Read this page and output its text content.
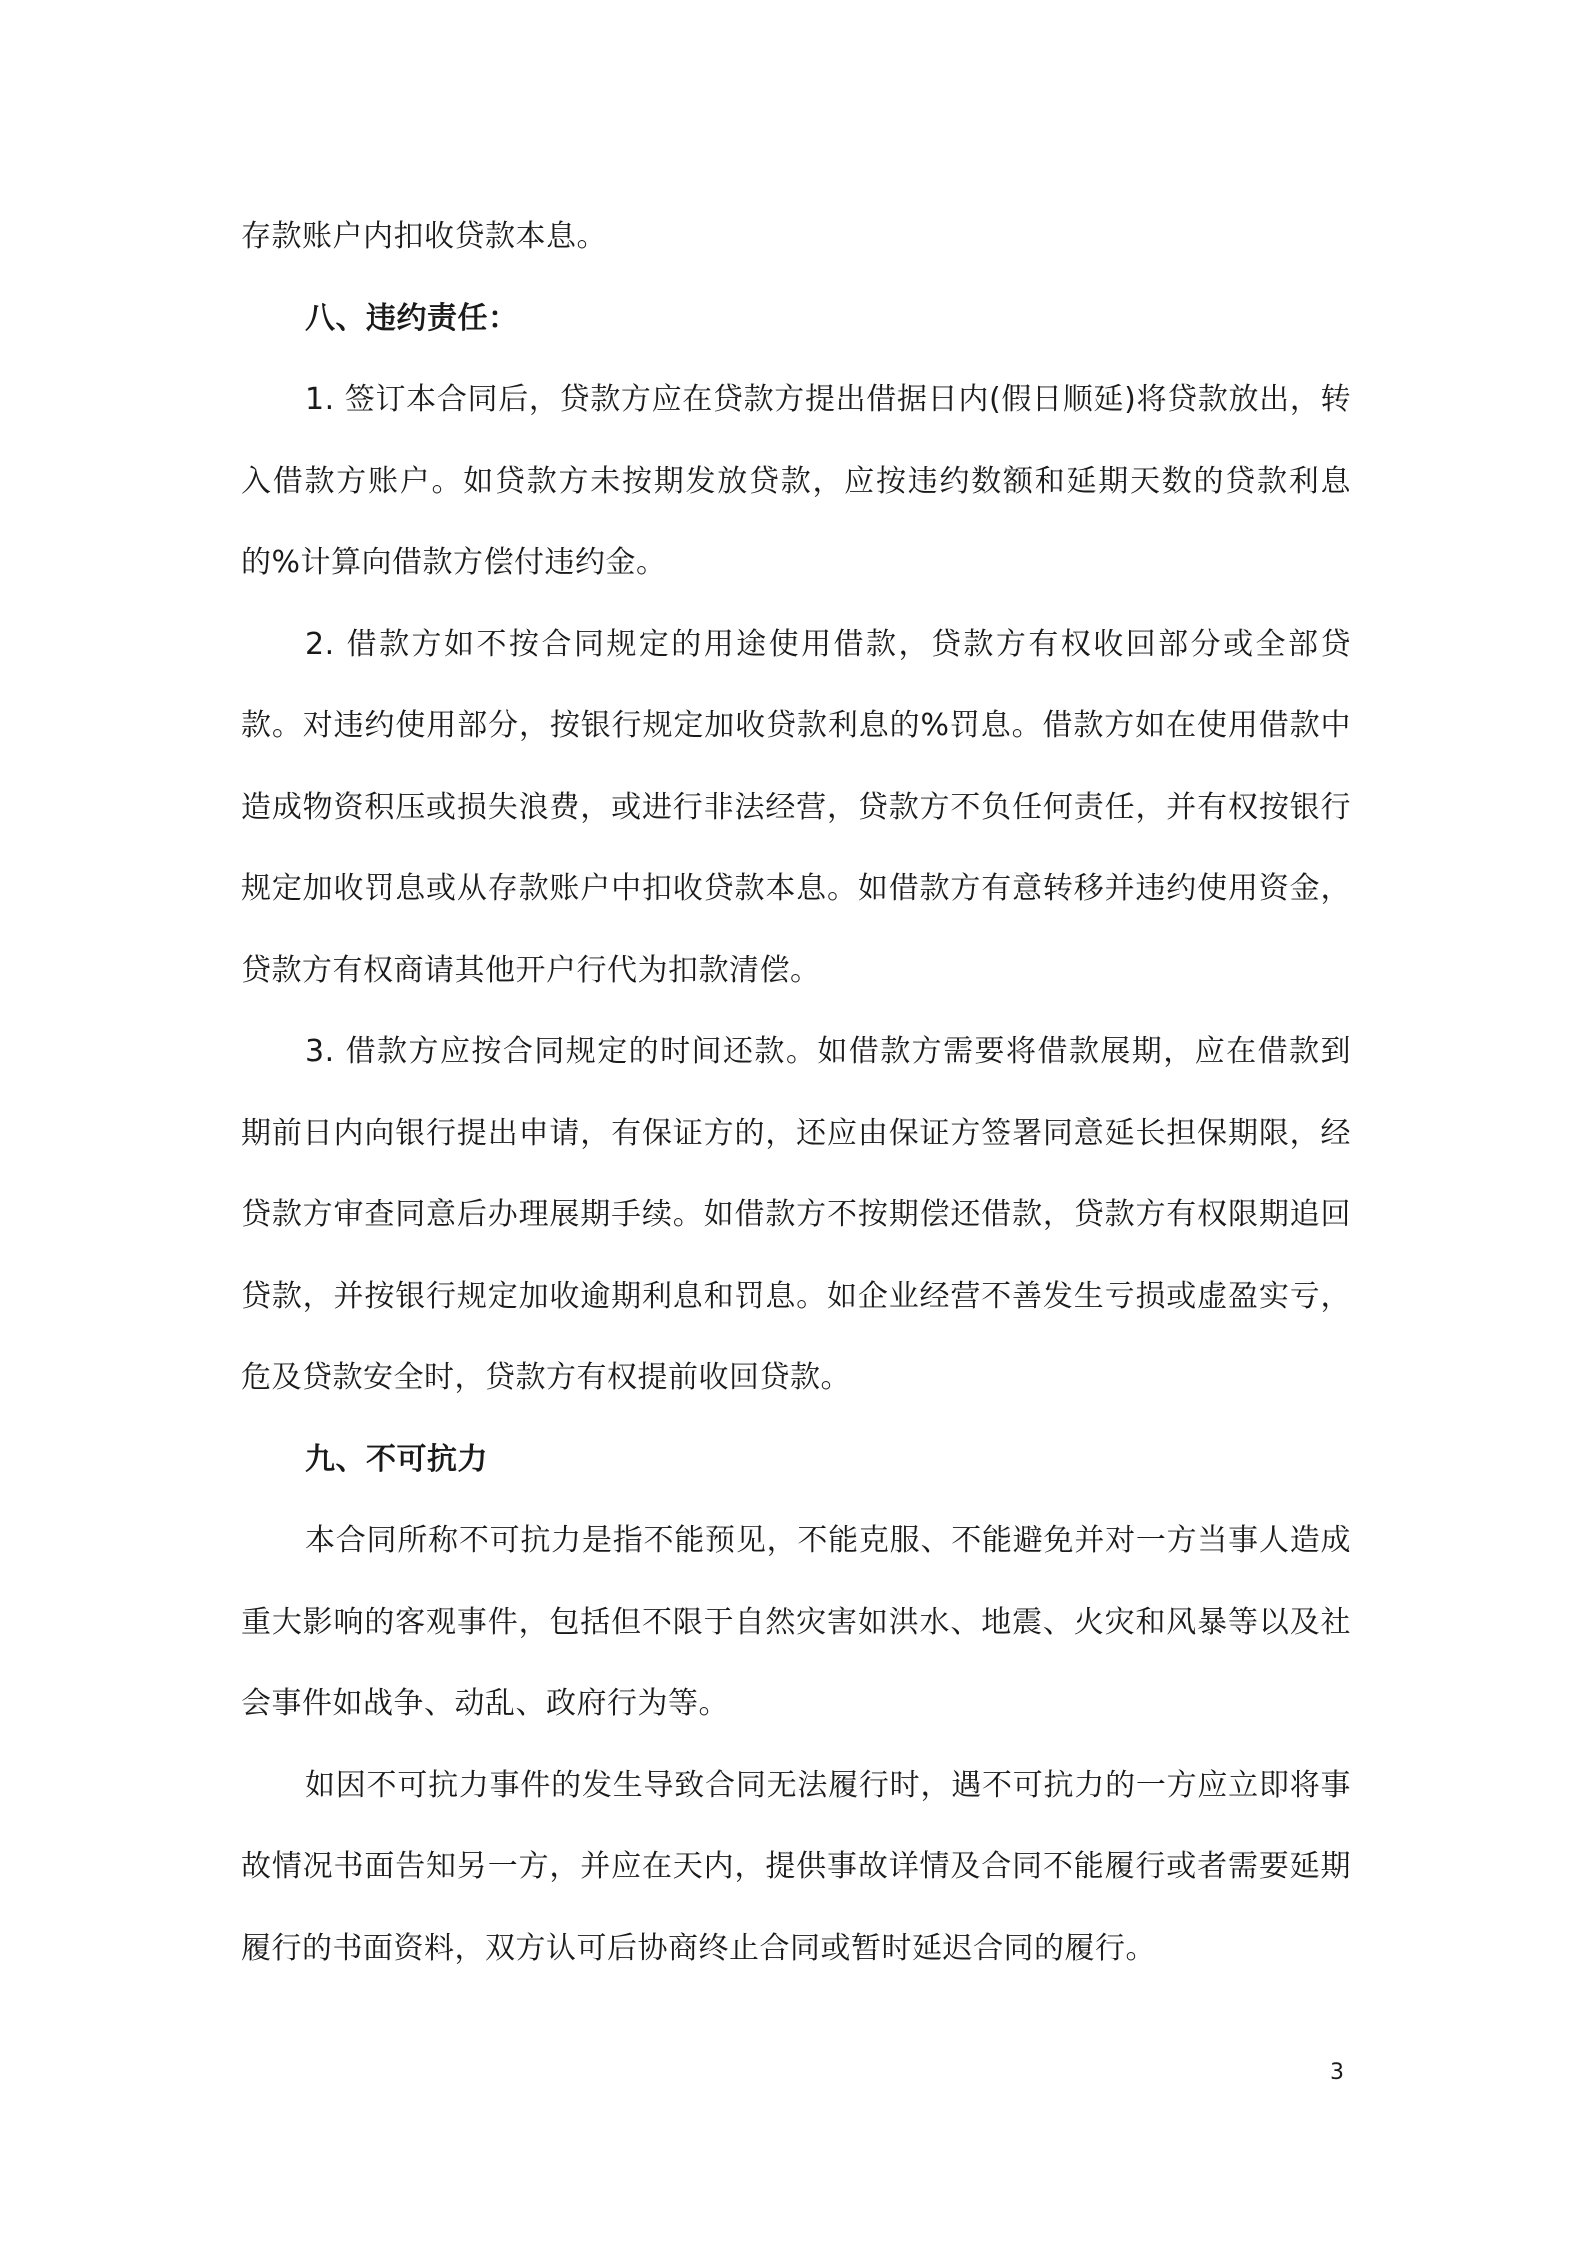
存款账户内扣收贷款本息。

八、违约责任：

1. 签订本合同后，贷款方应在贷款方提出借据日内(假日顺延)将贷款放出，转入借款方账户。如贷款方未按期发放贷款，应按违约数额和延期天数的贷款利息的%计算向借款方偿付违约金。

2. 借款方如不按合同规定的用途使用借款，贷款方有权收回部分或全部贷款。对违约使用部分，按银行规定加收贷款利息的%罚息。借款方如在使用借款中造成物资积压或损失浪费，或进行非法经营，贷款方不负任何责任，并有权按银行规定加收罚息或从存款账户中扣收贷款本息。如借款方有意转移并违约使用资金，贷款方有权商请其他开户行代为扣款清偿。

3. 借款方应按合同规定的时间还款。如借款方需要将借款展期，应在借款到期前日内向银行提出申请，有保证方的，还应由保证方签署同意延长担保期限，经贷款方审查同意后办理展期手续。如借款方不按期偿还借款，贷款方有权限期追回贷款，并按银行规定加收逾期利息和罚息。如企业经营不善发生亏损或虚盈实亏，危及贷款安全时，贷款方有权提前收回贷款。

九、不可抗力

本合同所称不可抗力是指不能预见，不能克服、不能避免并对一方当事人造成重大影响的客观事件，包括但不限于自然灾害如洪水、地震、火灾和风暴等以及社会事件如战争、动乱、政府行为等。

如因不可抗力事件的发生导致合同无法履行时，遇不可抗力的一方应立即将事故情况书面告知另一方，并应在天内，提供事故详情及合同不能履行或者需要延期履行的书面资料，双方认可后协商终止合同或暂时延迟合同的履行。

3
